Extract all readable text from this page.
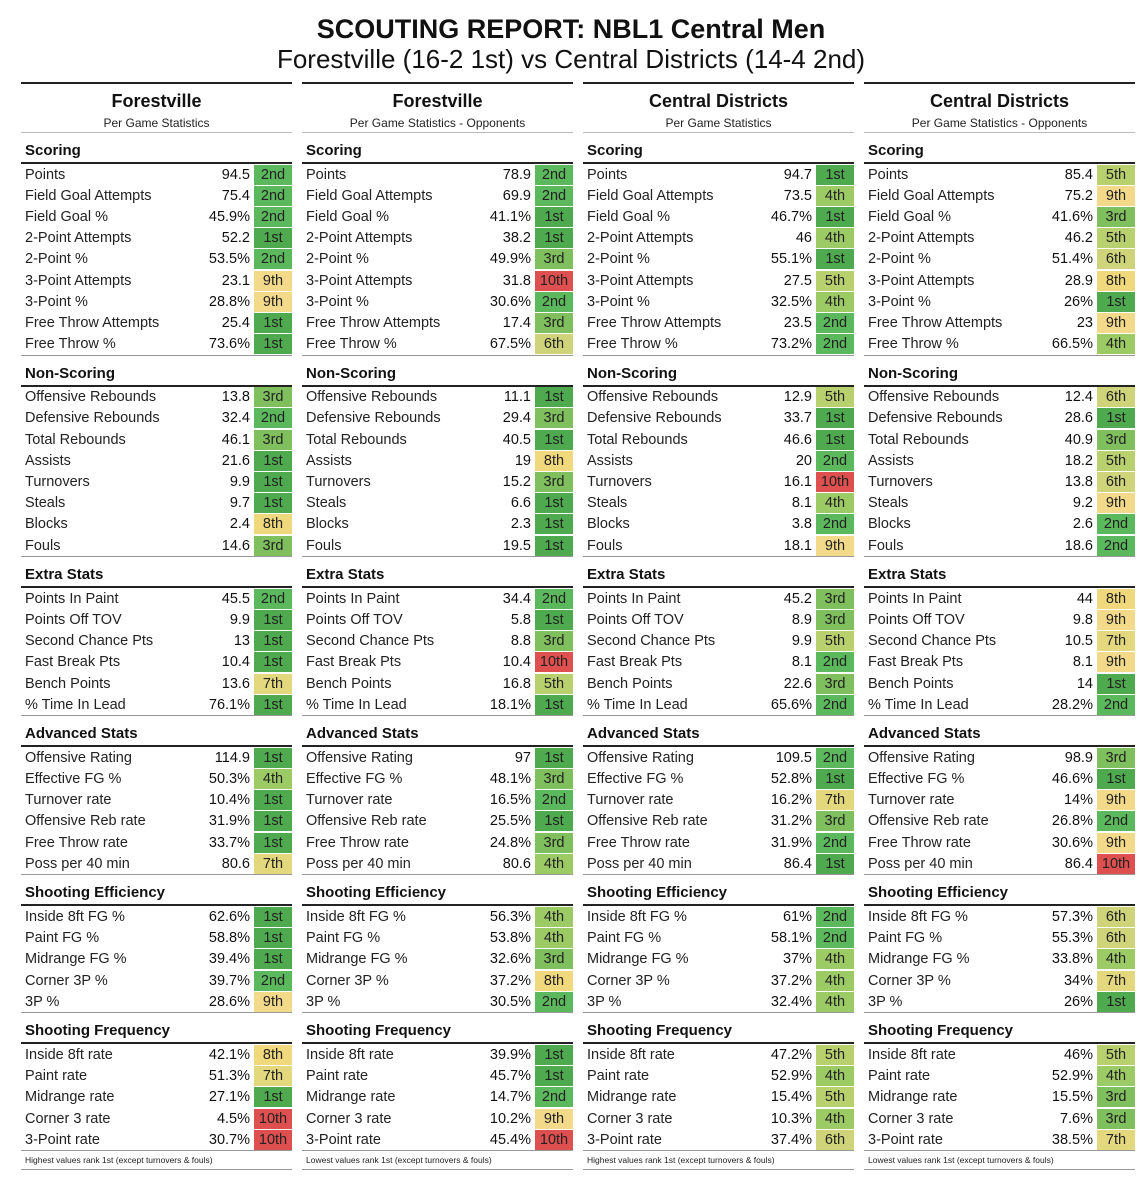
SCOUTING REPORT: NBL1 Central Men
Forestville (16-2 1st) vs Central Districts (14-4 2nd)
Forestville
Per Game Statistics
Scoring
Points	94.5 2nd
Field Goal Attempts	75.4 2nd
Field Goal %	45.9% 2nd
2-Point Attempts	52.2 1st
2-Point %	53.5% 2nd
3-Point Attempts	23.1 9th
3-Point %	28.8% 9th
Free Throw Attempts	25.4 1st
Free Throw %	73.6% 1st
Non-Scoring
Offensive Rebounds	13.8 3rd
Defensive Rebounds	32.4 2nd
Total Rebounds	46.1 3rd
Assists	21.6 1st
Turnovers	9.9 1st
Steals	9.7 1st
Blocks	2.4 8th
Fouls	14.6 3rd
Extra Stats
Points In Paint	45.5 2nd
Points Off TOV	9.9 1st
Second Chance Pts	13 1st
Fast Break Pts	10.4 1st
Bench Points	13.6 7th
% Time In Lead	76.1% 1st
Advanced Stats
Offensive Rating	114.9 1st
Effective FG %	50.3% 4th
Turnover rate	10.4% 1st
Offensive Reb rate	31.9% 1st
Free Throw rate	33.7% 1st
Poss per 40 min	80.6 7th
Shooting Efficiency
Inside 8ft FG %	62.6% 1st
Paint FG %	58.8% 1st
Midrange FG %	39.4% 1st
Corner 3P %	39.7% 2nd
3P %	28.6% 9th
Shooting Frequency
Inside 8ft rate	42.1% 8th
Paint rate	51.3% 7th
Midrange rate	27.1% 1st
Corner 3 rate	4.5% 10th
3-Point rate	30.7% 10th
Highest values rank 1st (except turnovers & fouls)
Forestville
Per Game Statistics - Opponents
Scoring
Points	78.9 2nd
Field Goal Attempts	69.9 2nd
Field Goal %	41.1% 1st
2-Point Attempts	38.2 1st
2-Point %	49.9% 3rd
3-Point Attempts	31.8 10th
3-Point %	30.6% 2nd
Free Throw Attempts	17.4 3rd
Free Throw %	67.5% 6th
Non-Scoring
Offensive Rebounds	11.1 1st
Defensive Rebounds	29.4 3rd
Total Rebounds	40.5 1st
Assists	19 8th
Turnovers	15.2 3rd
Steals	6.6 1st
Blocks	2.3 1st
Fouls	19.5 1st
Extra Stats
Points In Paint	34.4 2nd
Points Off TOV	5.8 1st
Second Chance Pts	8.8 3rd
Fast Break Pts	10.4 10th
Bench Points	16.8 5th
% Time In Lead	18.1% 1st
Advanced Stats
Offensive Rating	97 1st
Effective FG %	48.1% 3rd
Turnover rate	16.5% 2nd
Offensive Reb rate	25.5% 1st
Free Throw rate	24.8% 3rd
Poss per 40 min	80.6 4th
Shooting Efficiency
Inside 8ft FG %	56.3% 4th
Paint FG %	53.8% 4th
Midrange FG %	32.6% 3rd
Corner 3P %	37.2% 8th
3P %	30.5% 2nd
Shooting Frequency
Inside 8ft rate	39.9% 1st
Paint rate	45.7% 1st
Midrange rate	14.7% 2nd
Corner 3 rate	10.2% 9th
3-Point rate	45.4% 10th
Lowest values rank 1st (except turnovers & fouls)
Central Districts
Per Game Statistics
Scoring
Points	94.7 1st
Field Goal Attempts	73.5 4th
Field Goal %	46.7% 1st
2-Point Attempts	46 4th
2-Point %	55.1% 1st
3-Point Attempts	27.5 5th
3-Point %	32.5% 4th
Free Throw Attempts	23.5 2nd
Free Throw %	73.2% 2nd
Non-Scoring
Offensive Rebounds	12.9 5th
Defensive Rebounds	33.7 1st
Total Rebounds	46.6 1st
Assists	20 2nd
Turnovers	16.1 10th
Steals	8.1 4th
Blocks	3.8 2nd
Fouls	18.1 9th
Extra Stats
Points In Paint	45.2 3rd
Points Off TOV	8.9 3rd
Second Chance Pts	9.9 5th
Fast Break Pts	8.1 2nd
Bench Points	22.6 3rd
% Time In Lead	65.6% 2nd
Advanced Stats
Offensive Rating	109.5 2nd
Effective FG %	52.8% 1st
Turnover rate	16.2% 7th
Offensive Reb rate	31.2% 3rd
Free Throw rate	31.9% 2nd
Poss per 40 min	86.4 1st
Shooting Efficiency
Inside 8ft FG %	61% 2nd
Paint FG %	58.1% 2nd
Midrange FG %	37% 4th
Corner 3P %	37.2% 4th
3P %	32.4% 4th
Shooting Frequency
Inside 8ft rate	47.2% 5th
Paint rate	52.9% 4th
Midrange rate	15.4% 5th
Corner 3 rate	10.3% 4th
3-Point rate	37.4% 6th
Highest values rank 1st (except turnovers & fouls)
Central Districts
Per Game Statistics - Opponents
Scoring
Points	85.4 5th
Field Goal Attempts	75.2 9th
Field Goal %	41.6% 3rd
2-Point Attempts	46.2 5th
2-Point %	51.4% 6th
3-Point Attempts	28.9 8th
3-Point %	26% 1st
Free Throw Attempts	23 9th
Free Throw %	66.5% 4th
Non-Scoring
Offensive Rebounds	12.4 6th
Defensive Rebounds	28.6 1st
Total Rebounds	40.9 3rd
Assists	18.2 5th
Turnovers	13.8 6th
Steals	9.2 9th
Blocks	2.6 2nd
Fouls	18.6 2nd
Extra Stats
Points In Paint	44 8th
Points Off TOV	9.8 9th
Second Chance Pts	10.5 7th
Fast Break Pts	8.1 9th
Bench Points	14 1st
% Time In Lead	28.2% 2nd
Advanced Stats
Offensive Rating	98.9 3rd
Effective FG %	46.6% 1st
Turnover rate	14% 9th
Offensive Reb rate	26.8% 2nd
Free Throw rate	30.6% 9th
Poss per 40 min	86.4 10th
Shooting Efficiency
Inside 8ft FG %	57.3% 6th
Paint FG %	55.3% 6th
Midrange FG %	33.8% 4th
Corner 3P %	34% 7th
3P %	26% 1st
Shooting Frequency
Inside 8ft rate	46% 5th
Paint rate	52.9% 4th
Midrange rate	15.5% 3rd
Corner 3 rate	7.6% 3rd
3-Point rate	38.5% 7th
Lowest values rank 1st (except turnovers & fouls)
